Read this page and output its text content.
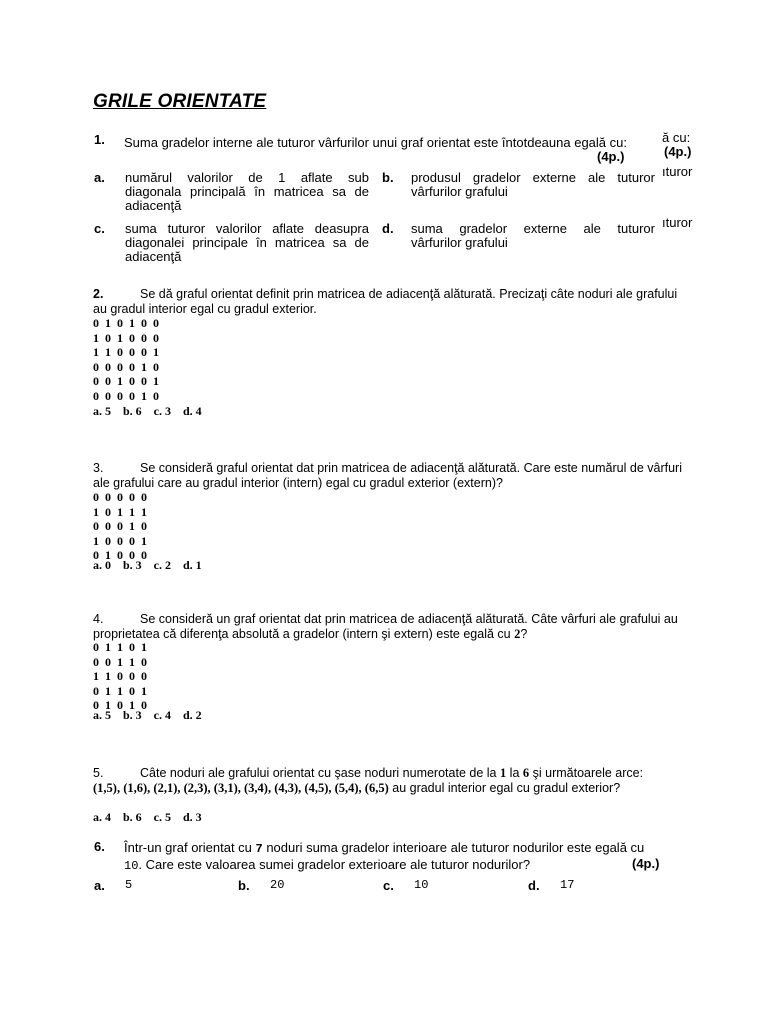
GRILE ORIENTATE
1. Suma gradelor interne ale tuturor vârfurilor unui graf orientat este întotdeauna egală cu:
(4p.)
ă cu:
(4p.)
a. numărul valorilor de 1 aflate sub diagonala principală în matricea sa de adiacenţă
b. produsul gradelor externe ale tuturor vârfurilor grafului
ıturor
c. suma tuturor valorilor aflate deasupra diagonalei principale în matricea sa de adiacenţă
d. suma gradelor externe ale tuturor vârfurilor grafului
ıturor
2.	Se dă graful orientat definit prin matricea de adiacenţă alăturată. Precizaţi câte noduri ale grafului au gradul interior egal cu gradul exterior.
0 1 0 1 0 0
1 0 1 0 0 0
1 1 0 0 0 1
0 0 0 0 1 0
0 0 1 0 0 1
0 0 0 0 1 0
a. 5    b. 6    c. 3    d. 4
3.	Se consideră graful orientat dat prin matricea de adiacenţă alăturată. Care este numărul de vârfuri ale grafului care au gradul interior (intern) egal cu gradul exterior (extern)?
0 0 0 0 0
1 0 1 1 1
0 0 0 1 0
1 0 0 0 1
0 1 0 0 0
a. 0    b. 3    c. 2    d. 1
4.	Se consideră un graf orientat dat prin matricea de adiacenţă alăturată. Câte vârfuri ale grafului au proprietatea că diferenţa absolută a gradelor (intern şi extern) este egală cu 2?
0 1 1 0 1
0 0 1 1 0
1 1 0 0 0
0 1 1 0 1
0 1 0 1 0
a. 5    b. 3    c. 4    d. 2
5.	Câte noduri ale grafului orientat cu şase noduri numerotate de la 1 la 6 şi următoarele arce: (1,5), (1,6), (2,1), (2,3), (3,1), (3,4), (4,3), (4,5), (5,4), (6,5) au gradul interior egal cu gradul exterior?
a. 4    b. 6    c. 5    d. 3
6. Într-un graf orientat cu 7 noduri suma gradelor interioare ale tuturor nodurilor este egală cu
10. Care este valoarea sumei gradelor exterioare ale tuturor nodurilor?	(4p.)
a. 5	b. 20	c. 10	d. 17
